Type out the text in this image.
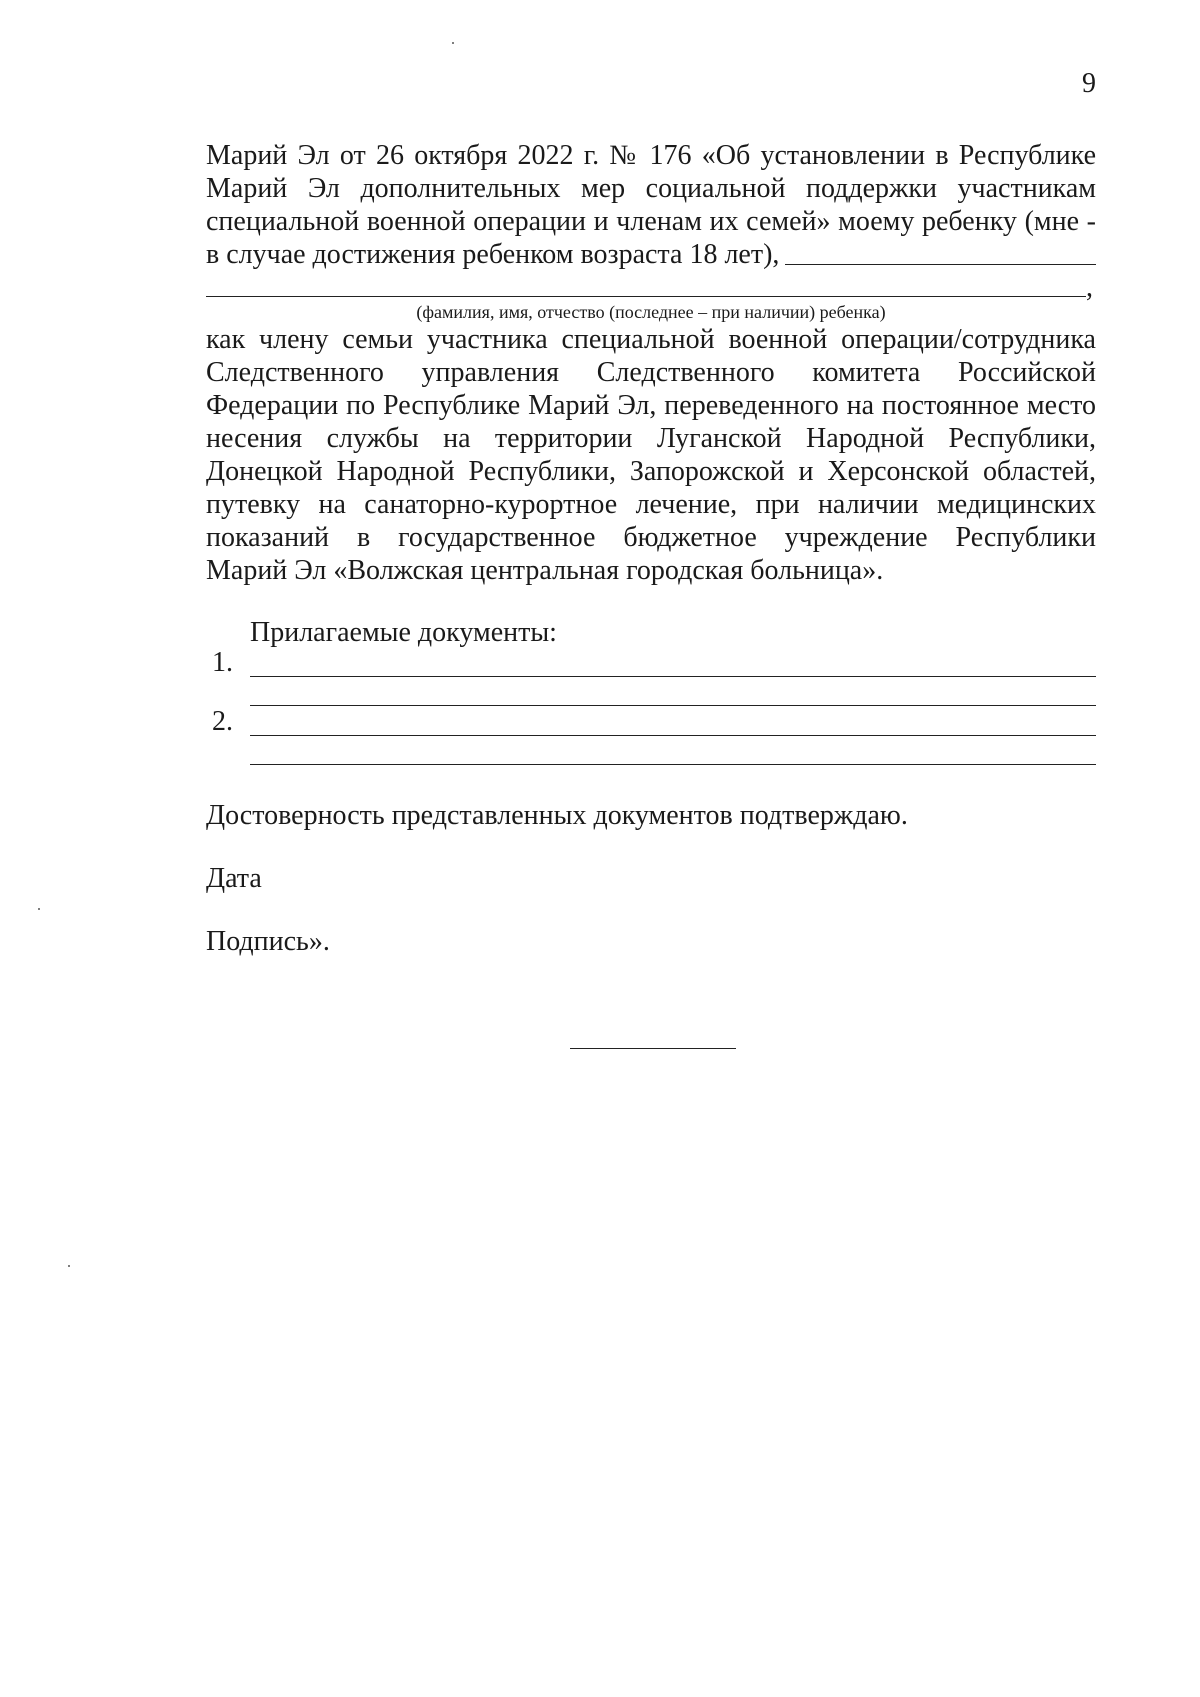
9
Марий Эл от 26 октября 2022 г. № 176 «Об установлении в Республике
Марий Эл дополнительных мер социальной поддержки участникам
специальной военной операции и членам их семей» моему ребенку (мне -
в случае достижения ребенком возраста 18 лет),
,
(фамилия, имя, отчество (последнее – при наличии) ребенка)
как члену семьи участника специальной военной операции/сотрудника
Следственного управления Следственного комитета Российской
Федерации по Республике Марий Эл, переведенного на постоянное место
несения службы на территории Луганской Народной Республики,
Донецкой Народной Республики, Запорожской и Херсонской областей,
путевку на санаторно-курортное лечение, при наличии медицинских
показаний в государственное бюджетное учреждение Республики
Марий Эл «Волжская центральная городская больница».
Прилагаемые документы:
1.
2.
Достоверность представленных документов подтверждаю.
Дата
Подпись».
